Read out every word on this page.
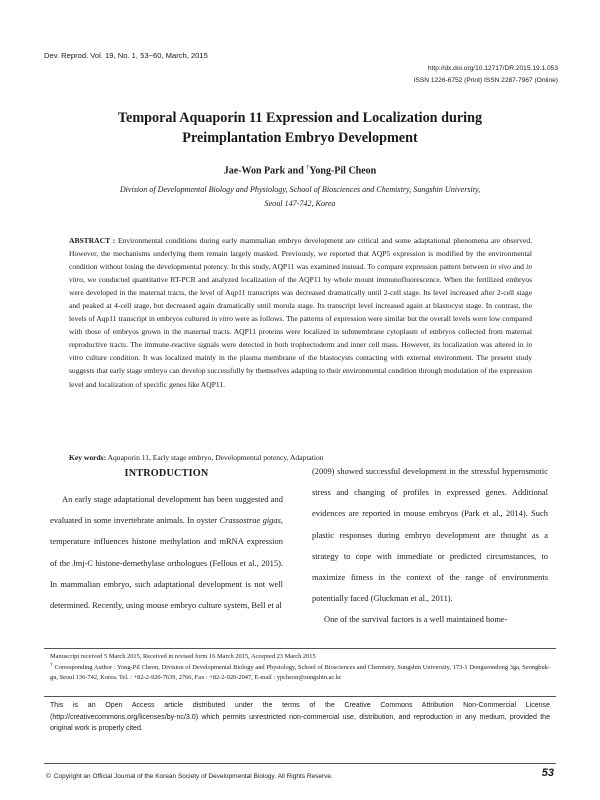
Dev. Reprod. Vol. 19, No. 1, 53~60, March, 2015
http://dx.doi.org/10.12717/DR.2015.19.1.053
ISSN 1226-6752 (Print) ISSN 2287-7967 (Online)
Temporal Aquaporin 11 Expression and Localization during
Preimplantation Embryo Development
Jae-Won Park and †Yong-Pil Cheon
Division of Developmental Biology and Physiology, School of Biosciences and Chemistry, Sungshin University,
Seoul 147-742, Korea
ABSTRACT : Environmental conditions during early mammalian embryo development are critical and some adaptational phenomena are observed. However, the mechanisms underlying them remain largely masked. Previously, we reported that AQP5 expression is modified by the environmental condition without losing the developmental potency. In this study, AQP11 was examined instead. To compare expression pattern between in vivo and in vitro, we conducted quantitative RT-PCR and analyzed localization of the AQP11 by whole mount immunofluorescence. When the fertilized embryos were developed in the maternal tracts, the level of Aqp11 transcripts was decreased dramatically until 2-cell stage. Its level increased after 2-cell stage and peaked at 4-cell stage, but decreased again dramatically until morula stage. Its transcript level increased again at blastocyst stage. In contrast, the levels of Aqp11 transcript in embryos cultured in vitro were as follows. The patterns of expression were similar but the overall levels were low compared with those of embryos grown in the maternal tracts. AQP11 proteins were localized in submembrane cytoplasm of embryos collected from maternal reproductive tracts. The immune-reactive signals were detected in both trophectoderm and inner cell mass. However, its localization was altered in in vitro culture condition. It was localized mainly in the plasma membrane of the blastocysts contacting with external environment. The present study suggests that early stage embryo can develop successfully by themselves adapting to their environmental condition through modulation of the expression level and localization of specific genes like AQP11.
Key words: Aquaporin 11, Early stage embryo, Developmental potency, Adaptation
INTRODUCTION

An early stage adaptational development has been suggested and evaluated in some invertebrate animals. In oyster Crassostrae gigas, temperature influences histone methylation and mRNA expression of the Jmj-C histone-demethylase orthologues (Fellous et al., 2015). In mammalian embryo, such adaptational development is not well determined. Recently, using mouse embryo culture system, Bell et al

(2009) showed successful development in the stressful hyperosmotic stress and changing of profiles in expressed genes. Additional evidences are reported in mouse embryos (Park et al., 2014). Such plastic responses during embryo development are thought as a strategy to cope with immediate or predicted circumstances, to maximize fitness in the context of the range of environments potentially faced (Gluckman et al., 2011).

One of the survival factors is a well maintained home-

Manuscript received 5 March 2015, Received in revised form 16 March 2015, Accepted 23 March 2015

† Corresponding Author : Yong-Pil Cheon, Division of Developmental Biology and Physiology, School of Biosciences and Chemistry, Sungshin University, 173-1 Dongseondong 3ga, Seongbuk-gu, Seoul 136-742, Korea. Tel. : +82-2-920-7639, 2766, Fax : +82-2-920-2047, E-mail : ypcheon@sungshin.ac.kr

This is an Open Access article distributed under the terms of the Creative Commons Attribution Non-Commercial License (http://creativecommons.org/licenses/by-nc/3.0) which permits unrestricted non-commercial use, distribution, and reproduction in any medium, provided the original work is properly cited.
© Copyright an Official Journal of the Korean Society of Developmental Biology. All Rights Reserve.	53
